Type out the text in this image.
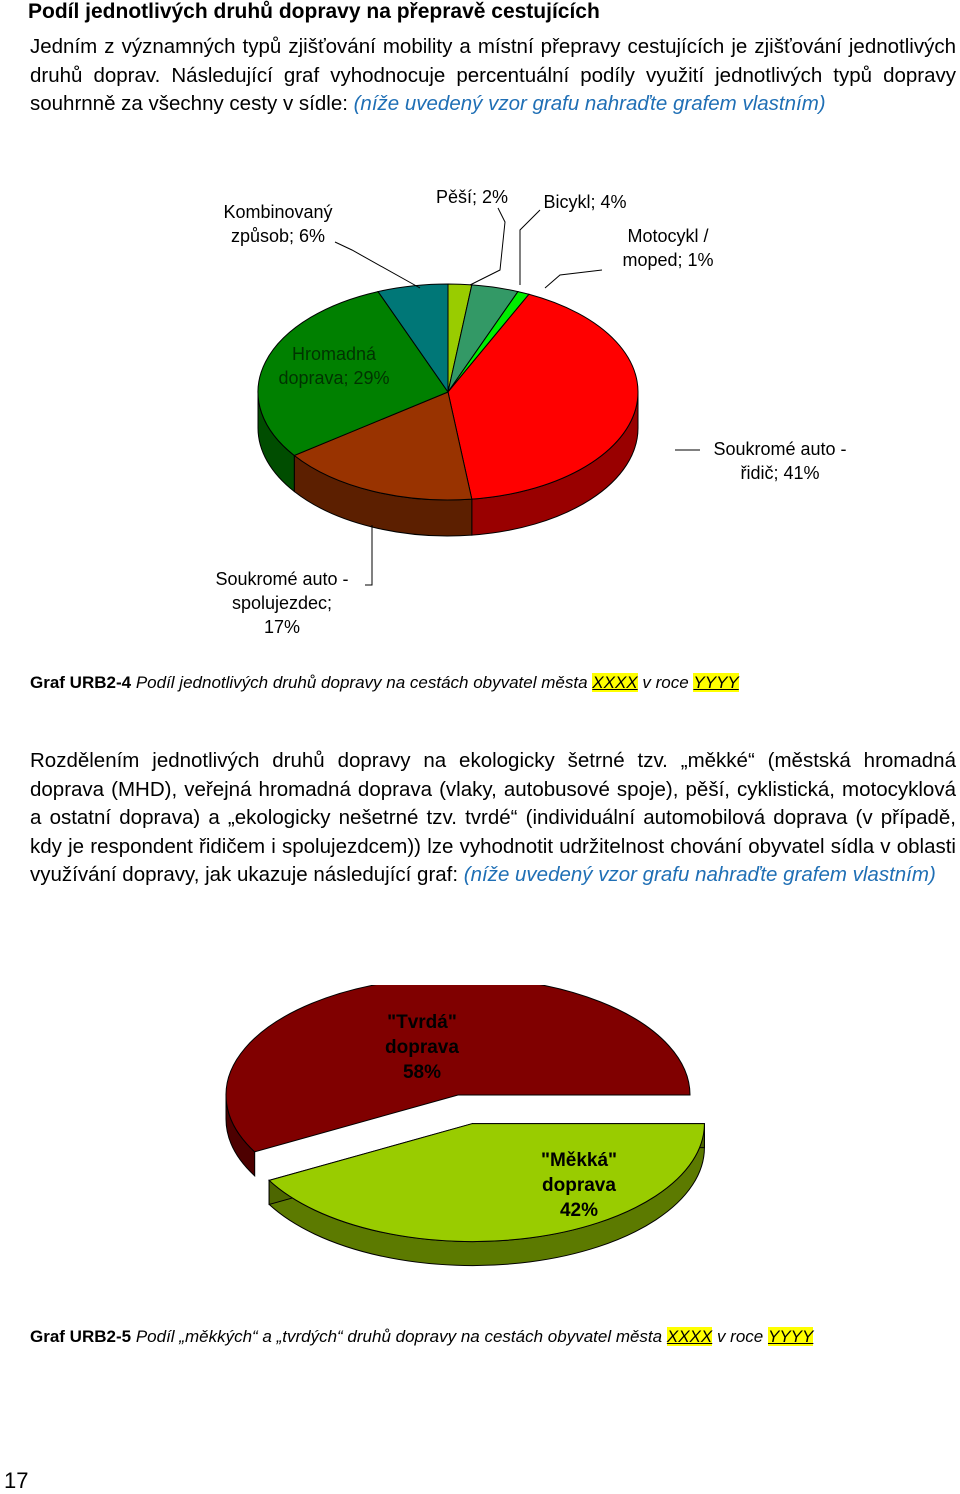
Podíl jednotlivých druhů dopravy na přepravě cestujících

Jedním z významných typů zjišťování mobility a místní přepravy cestujících je zjišťování jednotlivých druhů doprav. Následující graf vyhodnocuje percentuální podíly využití jednotlivých typů dopravy souhrnně za všechny cesty v sídle: (níže uvedený vzor grafu nahraďte grafem vlastním)

Pěší; 2% Bicykl; 4%
Motocykl / moped; 1%
Soukromé auto -řidič; 41%
Soukromé auto -spolujezdec; 17%
Hromadná doprava; 29%
Kombinovaný způsob; 6%

Graf URB2-4 Podíl jednotlivých druhů dopravy na cestách obyvatel města XXXX v roce YYYY

Rozdělením jednotlivých druhů dopravy na ekologicky šetrné tzv. „měkké“ (městská hromadná doprava (MHD), veřejná hromadná doprava (vlaky, autobusové spoje), pěší, cyklistická, motocyklová a ostatní doprava) a „ekologicky nešetrné tzv. tvrdé“ (individuální automobilová doprava (v případě, kdy je respondent řidičem i spolujezdcem)) lze vyhodnotit udržitelnost chování obyvatel sídla v oblasti využívání dopravy, jak ukazuje následující graf: (níže uvedený vzor grafu nahraďte grafem vlastním)

"Měkká" doprava 42%
"Tvrdá" doprava 58%

Graf URB2-5 Podíl „měkkých“ a „tvrdých“ druhů dopravy na cestách obyvatel města XXXX v roce YYYY

17
